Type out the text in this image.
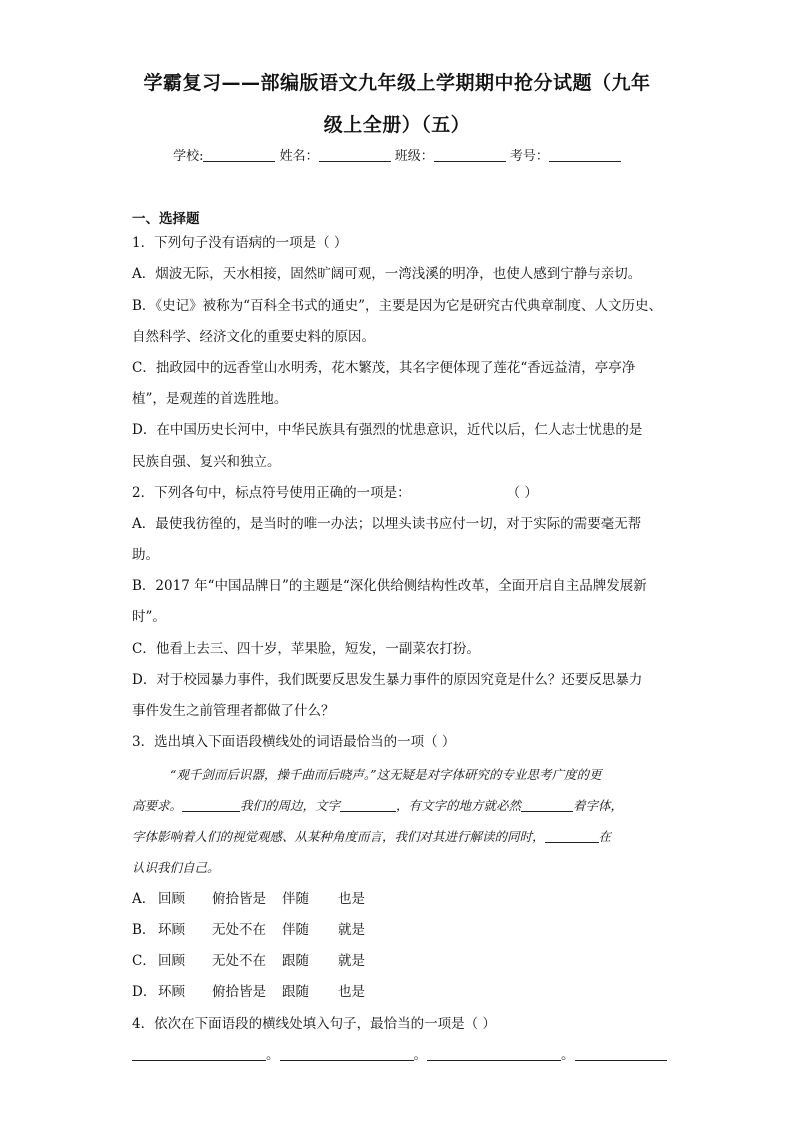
学霸复习——部编版语文九年级上学期期中抢分试题（九年
级上全册）（五）
学校:	姓名：	班级：	考号：
一、选择题
1．下列句子没有语病的一项是（ ）
A．烟波无际，天水相接，固然旷阔可观，一湾浅溪的明净，也使人感到宁静与亲切。
B．《史记》被称为“百科全书式的通史”，主要是因为它是研究古代典章制度、人文历史、
自然科学、经济文化的重要史料的原因。
C．拙政园中的远香堂山水明秀，花木繁茂，其名字便体现了莲花“香远益清，亭亭净
植”，是观莲的首选胜地。
D．在中国历史长河中，中华民族具有强烈的忧患意识，近代以后，仁人志士忧患的是
民族自强、复兴和独立。
2．下列各句中，标点符号使用正确的一项是：	（ ）
A．最使我彷徨的，是当时的唯一办法；以埋头读书应付一切，对于实际的需要毫无帮
助。
B．2017 年“中国品牌日”的主题是“深化供给侧结构性改革，全面开启自主品牌发展新
时”。
C．他看上去三、四十岁，苹果脸，短发，一副菜农打扮。
D．对于校园暴力事件，我们既要反思发生暴力事件的原因究竟是什么？还要反思暴力
事件发生之前管理者都做了什么？
3．选出填入下面语段横线处的词语最恰当的一项（ ）
“观千剑而后识器，操千曲而后晓声。”这无疑是对字体研究的专业思考广度的更
高要求。	我们的周边，文字	，有文字的地方就必然	着字体，
字体影响着人们的视觉观感、从某种角度而言，我们对其进行解读的同时，	在
认识我们自己。
A． 回顾 俯拾皆是 伴随 也是
B． 环顾 无处不在 伴随 就是
C． 回顾 无处不在 跟随 就是
D． 环顾 俯拾皆是 跟随 也是
4．依次在下面语段的横线处填入句子，最恰当的一项是（ ）
。	。	。
